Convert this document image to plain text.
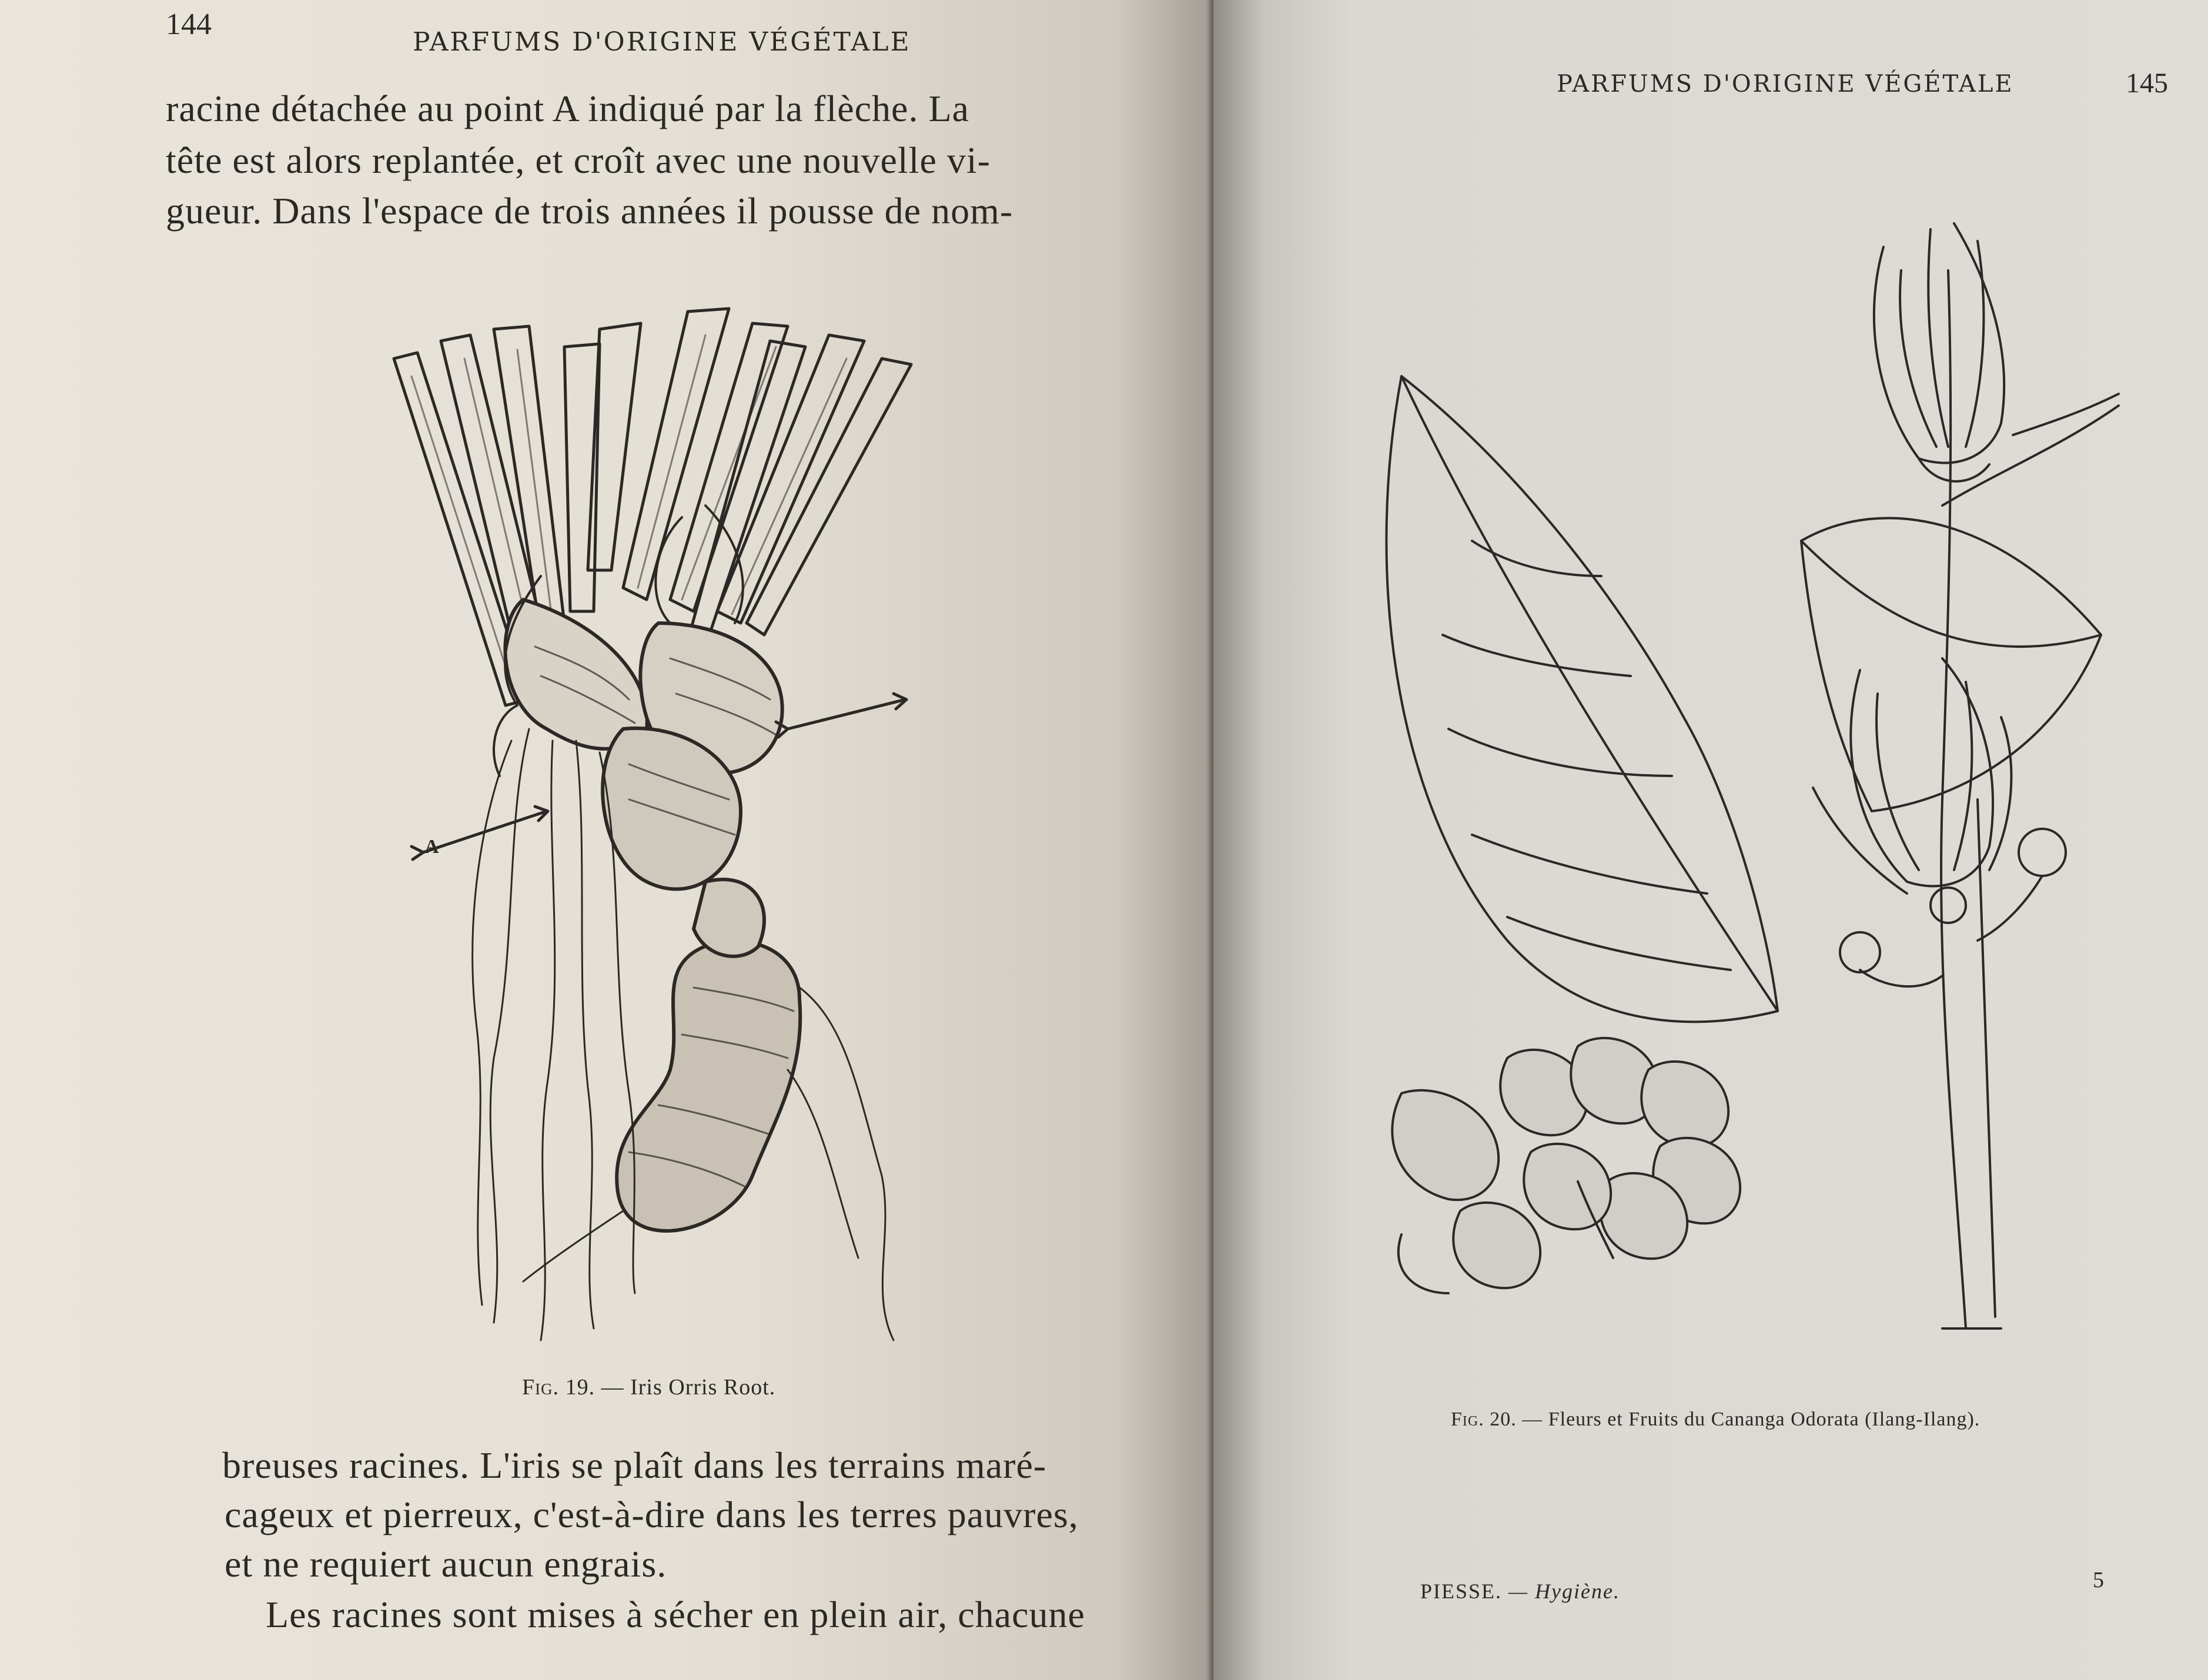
144
PARFUMS D'ORIGINE VÉGÉTALE
racine détachée au point A indiqué par la flèche. La
tête est alors replantée, et croît avec une nouvelle vi-
gueur. Dans l'espace de trois années il pousse de nom-
A
Fig. 19. — Iris Orris Root.
breuses racines. L'iris se plaît dans les terrains maré-
cageux et pierreux, c'est-à-dire dans les terres pauvres,
et ne requiert aucun engrais.
Les racines sont mises à sécher en plein air, chacune
PARFUMS D'ORIGINE VÉGÉTALE	145
Fig. 20. — Fleurs et Fruits du Cananga Odorata (Ilang-Ilang).
PIESSE. — Hygiène.	5
